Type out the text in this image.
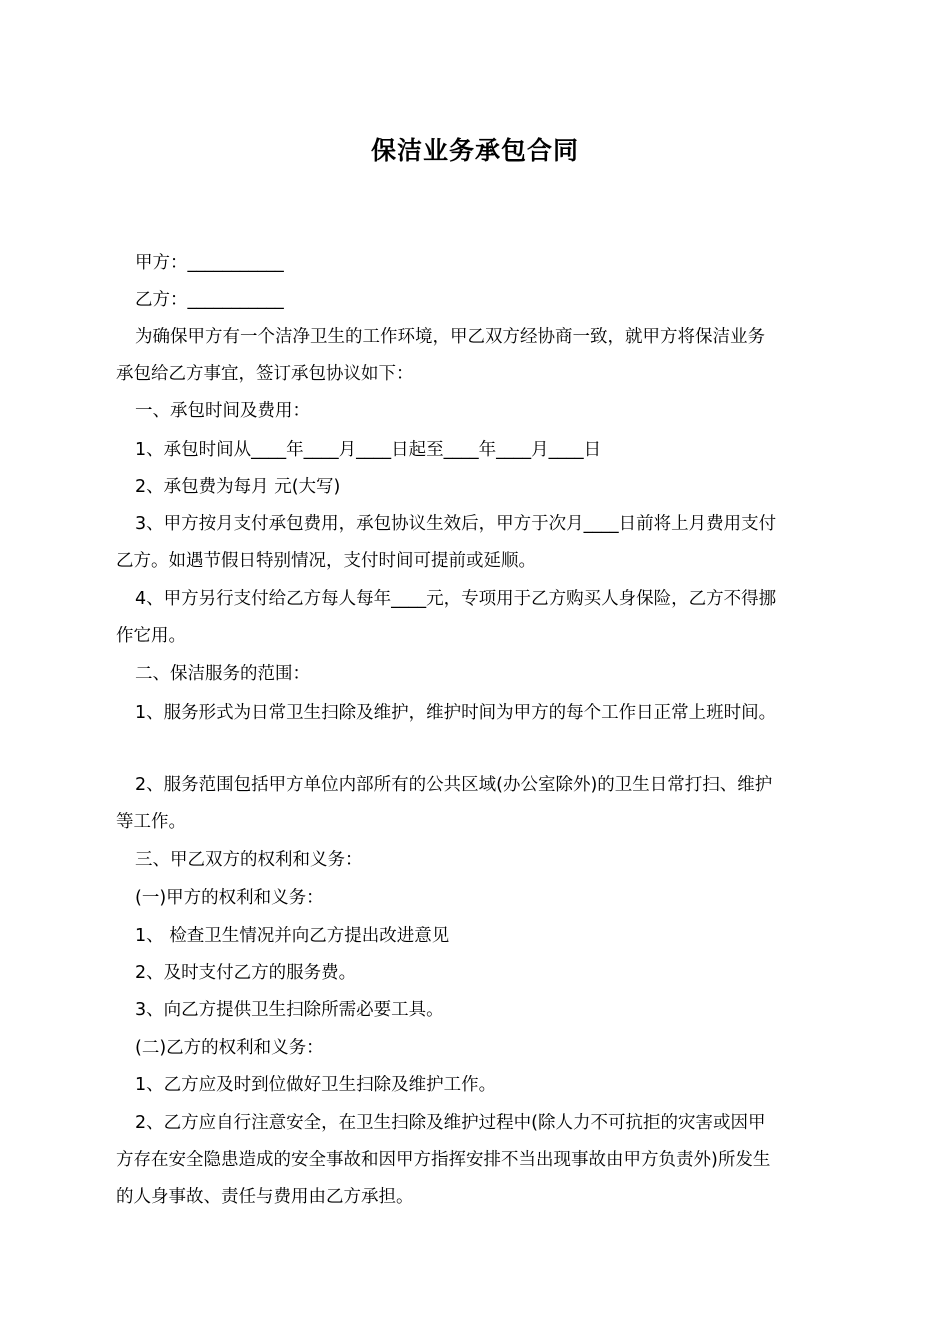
保洁业务承包合同
甲方：___________
乙方：___________
为确保甲方有一个洁净卫生的工作环境，甲乙双方经协商一致，就甲方将保洁业务
承包给乙方事宜，签订承包协议如下：
一、承包时间及费用：
1、承包时间从____年____月____日起至____年____月____日
2、承包费为每月 元(大写)
3、甲方按月支付承包费用，承包协议生效后，甲方于次月____日前将上月费用支付
乙方。如遇节假日特别情况，支付时间可提前或延顺。
4、甲方另行支付给乙方每人每年____元，专项用于乙方购买人身保险，乙方不得挪
作它用。
二、保洁服务的范围：
1、服务形式为日常卫生扫除及维护，维护时间为甲方的每个工作日正常上班时间。
2、服务范围包括甲方单位内部所有的公共区域(办公室除外)的卫生日常打扫、维护
等工作。
三、甲乙双方的权利和义务：
(一)甲方的权利和义务：
1、 检查卫生情况并向乙方提出改进意见
2、及时支付乙方的服务费。
3、向乙方提供卫生扫除所需必要工具。
(二)乙方的权利和义务：
1、乙方应及时到位做好卫生扫除及维护工作。
2、乙方应自行注意安全，在卫生扫除及维护过程中(除人力不可抗拒的灾害或因甲
方存在安全隐患造成的安全事故和因甲方指挥安排不当出现事故由甲方负责外)所发生
的人身事故、责任与费用由乙方承担。
